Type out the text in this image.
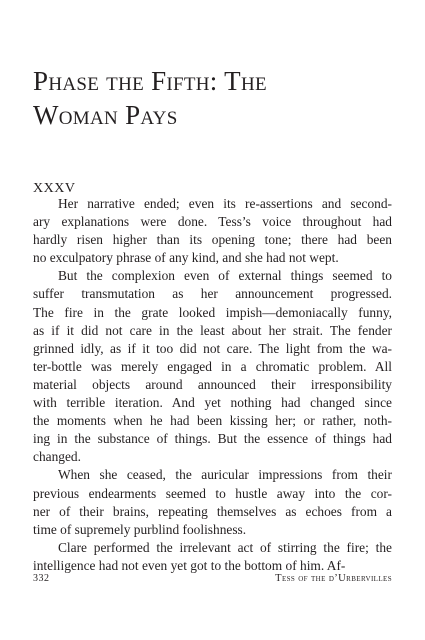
Phase the Fifth: The
Woman Pays
XXXV
Her narrative ended; even its re-assertions and second-
ary explanations were done. Tess’s voice throughout had
hardly risen higher than its opening tone; there had been
no exculpatory phrase of any kind, and she had not wept.
But the complexion even of external things seemed to
suffer transmutation as her announcement progressed.
The fire in the grate looked impish—demoniacally funny,
as if it did not care in the least about her strait. The fender
grinned idly, as if it too did not care. The light from the wa-
ter-bottle was merely engaged in a chromatic problem. All
material objects around announced their irresponsibility
with terrible iteration. And yet nothing had changed since
the moments when he had been kissing her; or rather, noth-
ing in the substance of things. But the essence of things had
changed.
When she ceased, the auricular impressions from their
previous endearments seemed to hustle away into the cor-
ner of their brains, repeating themselves as echoes from a
time of supremely purblind foolishness.
Clare performed the irrelevant act of stirring the fire; the
intelligence had not even yet got to the bottom of him. Af-
332	Tess of the d’Urbervilles
